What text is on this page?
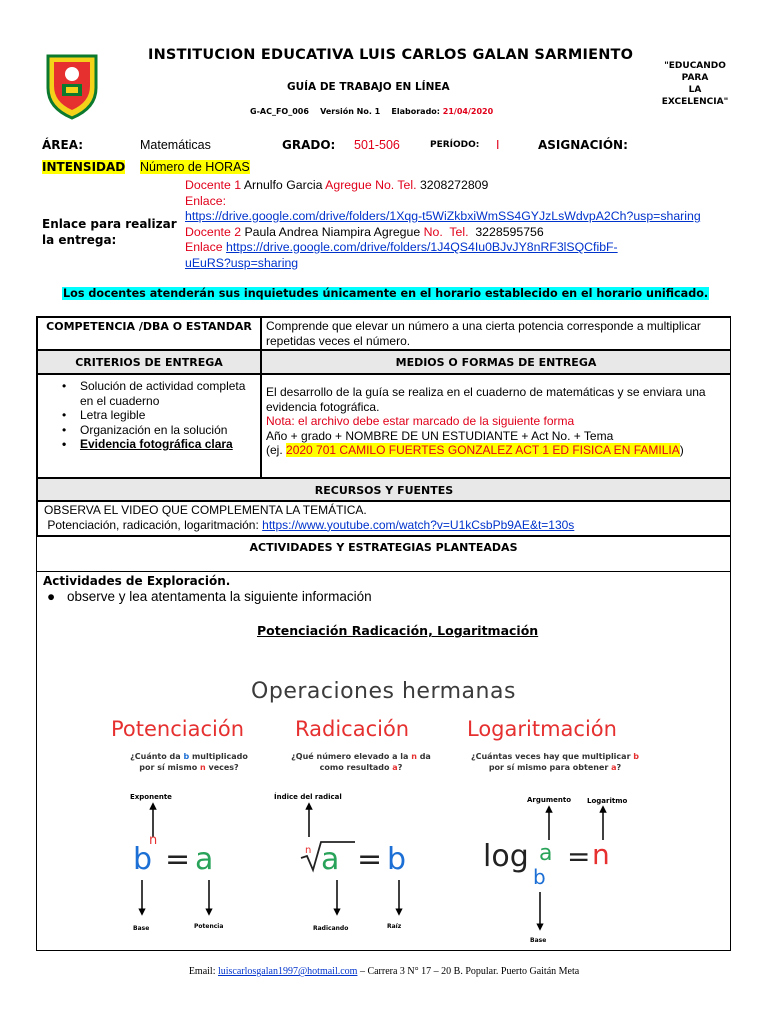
INSTITUCION EDUCATIVA LUIS CARLOS GALAN SARMIENTO
GUÍA DE TRABAJO EN LÍNEA
G-AC_FO_006 Versión No. 1 Elaborado: 21/04/2020
"EDUCANDO
PARA
LA
EXCELENCIA"
ÁREA:	Matemáticas	GRADO: 501-506	PERÍODO: I	ASIGNACIÓN:
INTENSIDAD Número de HORAS
Enlace para realizar la entrega:
Docente 1 Arnulfo Garcia Agregue No. Tel. 3208272809
Enlace:
https://drive.google.com/drive/folders/1Xqg-t5WiZkbxiWmSS4GYJzLsWdvpA2Ch?usp=sharing
Docente 2 Paula Andrea Niampira Agregue No. Tel. 3228595756
Enlace https://drive.google.com/drive/folders/1J4QS4Iu0BJvJY8nRF3lSQCfibF-
uEuRS?usp=sharing
Los docentes atenderán sus inquietudes únicamente en el horario establecido en el horario unificado.
COMPETENCIA /DBA O ESTANDAR	Comprende que elevar un número a una cierta potencia corresponde a multiplicar repetidas veces el número.
CRITERIOS DE ENTREGA	MEDIOS O FORMAS DE ENTREGA
• Solución de actividad completa en el cuaderno
• Letra legible
• Organización en la solución
• Evidencia fotográfica clara
El desarrollo de la guía se realiza en el cuaderno de matemáticas y se enviara una evidencia fotográfica.
Nota: el archivo debe estar marcado de la siguiente forma
Año + grado + NOMBRE DE UN ESTUDIANTE + Act No. + Tema
(ej. 2020 701 CAMILO FUERTES GONZALEZ ACT 1 ED FISICA EN FAMILIA)
RECURSOS Y FUENTES
OBSERVA EL VIDEO QUE COMPLEMENTA LA TEMÁTICA.
Potenciación, radicación, logaritmación: https://www.youtube.com/watch?v=U1kCsbPb9AE&t=130s
ACTIVIDADES Y ESTRATEGIAS PLANTEADAS
Actividades de Exploración.
● observe y lea atentamenta la siguiente información
Potenciación Radicación, Logaritmación
Operaciones hermanas
Potenciación Radicación	Logaritmación
¿Cuánto da b multiplicado
por sí mismo n veces?
¿Qué número elevado a la n da
como resultado a?
¿Cuántas veces hay que multiplicar b
por sí mismo para obtener a?
Exponente
b
n
= a
Base	Potencia
Índice del radical
n a = b
Radicando	Raíz
Argumento Logaritmo
log
b
a = n
Base
Email: luiscarlosgalan1997@hotmail.com – Carrera 3 N° 17 – 20 B. Popular. Puerto Gaitán Meta
